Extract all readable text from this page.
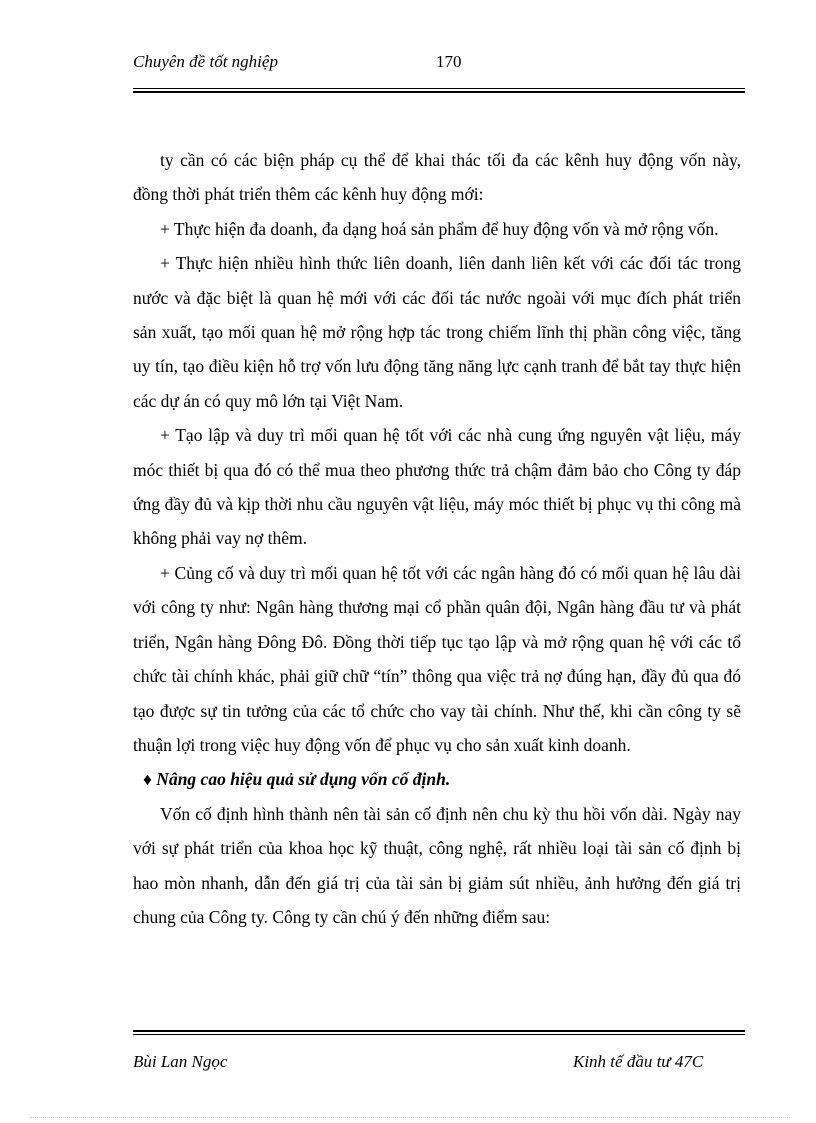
Chuyên đề tốt nghiệp	170

ty cần có các biện pháp cụ thể để khai thác tối đa các kênh huy động vốn này, đồng thời phát triển thêm các kênh huy động mới:

+ Thực hiện đa doanh, đa dạng hoá sản phẩm để huy động vốn và mở rộng vốn.

+ Thực hiện nhiều hình thức liên doanh, liên danh liên kết với các đối tác trong nước và đặc biệt là quan hệ mới với các đối tác nước ngoài với mục đích phát triển sản xuất, tạo mối quan hệ mở rộng hợp tác trong chiếm lĩnh thị phần công việc, tăng uy tín, tạo điều kiện hỗ trợ vốn lưu động tăng năng lực cạnh tranh để bắt tay thực hiện các dự án có quy mô lớn tại Việt Nam.

+ Tạo lập và duy trì mối quan hệ tốt với các nhà cung ứng nguyên vật liệu, máy móc thiết bị qua đó có thể mua theo phương thức trả chậm đảm bảo cho Công ty đáp ứng đầy đủ và kịp thời nhu cầu nguyên vật liệu, máy móc thiết bị phục vụ thi công mà không phải vay nợ thêm.

+ Củng cố và duy trì mối quan hệ tốt với các ngân hàng đó có mối quan hệ lâu dài với công ty như: Ngân hàng thương mại cổ phần quân đội, Ngân hàng đầu tư và phát triển, Ngân hàng Đông Đô. Đồng thời tiếp tục tạo lập và mở rộng quan hệ với các tổ chức tài chính khác, phải giữ chữ “tín” thông qua việc trả nợ đúng hạn, đầy đủ qua đó tạo được sự tin tưởng của các tổ chức cho vay tài chính. Như thế, khi cần công ty sẽ thuận lợi trong việc huy động vốn để phục vụ cho sản xuất kinh doanh.

♦ Nâng cao hiệu quả sử dụng vốn cố định.

Vốn cố định hình thành nên tài sản cố định nên chu kỳ thu hồi vốn dài. Ngày nay với sự phát triển của khoa học kỹ thuật, công nghệ, rất nhiều loại tài sản cố định bị hao mòn nhanh, dẫn đến giá trị của tài sản bị giảm sút nhiều, ảnh hưởng đến giá trị chung của Công ty. Công ty cần chú ý đến những điểm sau:

Bùi Lan Ngọc	Kinh tế đầu tư 47C
